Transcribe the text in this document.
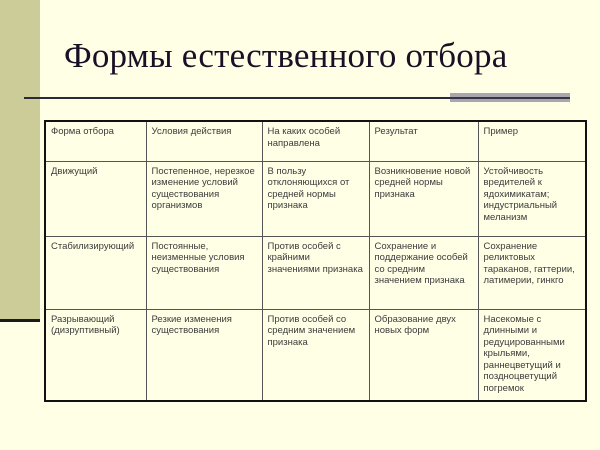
Формы естественного отбора
Форма отбора	Условия действия	На каких особей направлена	Результат	Пример
Движущий	Постепенное, нерезкое изменение условий существования организмов	В пользу отклоняющихся от средней нормы признака	Возникновение новой средней нормы признака	Устойчивость вредителей к ядохимикатам; индустриальный меланизм
Стабилизирующий	Постоянные, неизменные условия существования	Против особей с крайними значениями признака	Сохранение и поддержание особей со средним значением признака	Сохранение реликтовых тараканов, гаттерии, латимерии, гинкго
Разрывающий (дизруптивный)	Резкие изменения существования	Против особей со средним значением признака	Образование двух новых форм	Насекомые с длинными и редуцированными крыльями, раннецветущий и поздноцветущий погремок
